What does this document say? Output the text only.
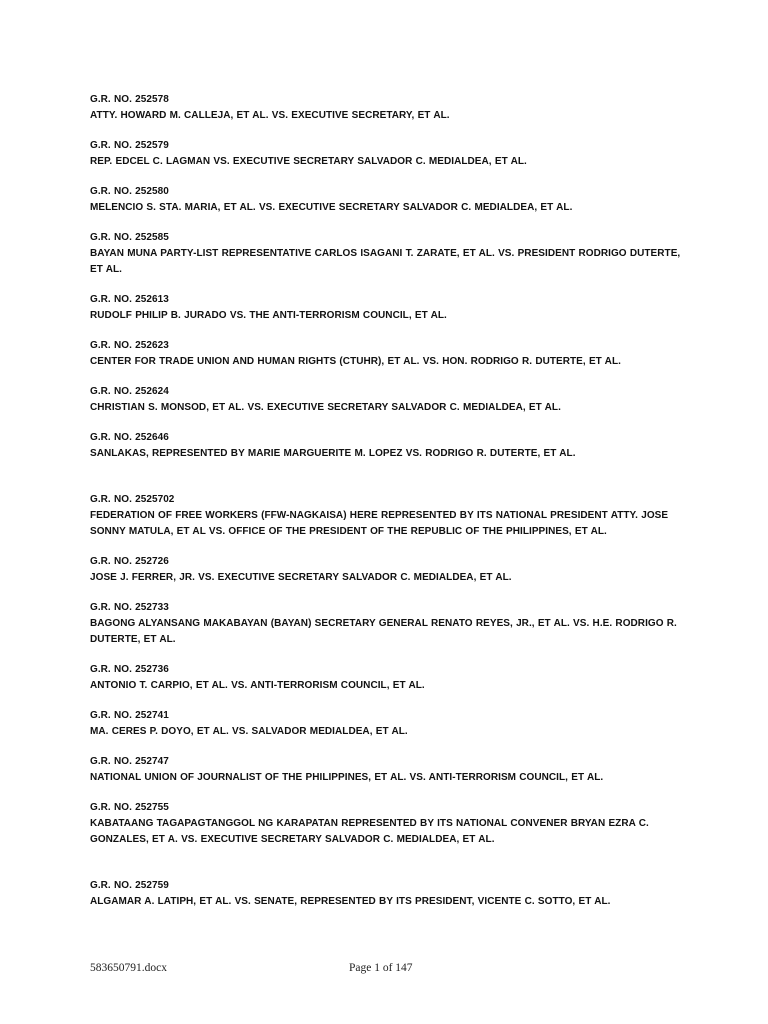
G.R. NO. 252578

ATTY. HOWARD M. CALLEJA, ET AL. VS. EXECUTIVE SECRETARY, ET AL.

G.R. NO. 252579

REP. EDCEL C. LAGMAN VS. EXECUTIVE SECRETARY SALVADOR C. MEDIALDEA, ET AL.

G.R. NO. 252580

MELENCIO S. STA. MARIA, ET AL. VS. EXECUTIVE SECRETARY SALVADOR C. MEDIALDEA, ET AL.

G.R. NO. 252585

BAYAN MUNA PARTY-LIST REPRESENTATIVE CARLOS ISAGANI T. ZARATE, ET AL. VS. PRESIDENT RODRIGO DUTERTE, ET AL.

G.R. NO. 252613

RUDOLF PHILIP B. JURADO VS. THE ANTI-TERRORISM COUNCIL, ET AL.

G.R. NO. 252623

CENTER FOR TRADE UNION AND HUMAN RIGHTS (CTUHR), ET AL. VS. HON. RODRIGO R. DUTERTE, ET AL.

G.R. NO. 252624

CHRISTIAN S. MONSOD, ET AL. VS. EXECUTIVE SECRETARY SALVADOR C. MEDIALDEA, ET AL.

G.R. NO. 252646

SANLAKAS, REPRESENTED BY MARIE MARGUERITE M. LOPEZ VS. RODRIGO R. DUTERTE, ET AL.

G.R. NO. 2525702

FEDERATION OF FREE WORKERS (FFW-NAGKAISA) HERE REPRESENTED BY ITS NATIONAL PRESIDENT ATTY. JOSE SONNY MATULA, ET AL VS. OFFICE OF THE PRESIDENT OF THE REPUBLIC OF THE PHILIPPINES, ET AL.

G.R. NO. 252726

JOSE J. FERRER, JR. VS. EXECUTIVE SECRETARY SALVADOR C. MEDIALDEA, ET AL.

G.R. NO. 252733

BAGONG ALYANSANG MAKABAYAN (BAYAN) SECRETARY GENERAL RENATO REYES, JR., ET AL. VS. H.E. RODRIGO R. DUTERTE, ET AL.

G.R. NO. 252736

ANTONIO T. CARPIO, ET AL. VS. ANTI-TERRORISM COUNCIL, ET AL.

G.R. NO. 252741

MA. CERES P. DOYO, ET AL. VS. SALVADOR MEDIALDEA, ET AL.

G.R. NO. 252747

NATIONAL UNION OF JOURNALIST OF THE PHILIPPINES, ET AL. VS. ANTI-TERRORISM COUNCIL, ET AL.

G.R. NO. 252755

KABATAANG TAGAPAGTANGGOL NG KARAPATAN REPRESENTED BY ITS NATIONAL CONVENER BRYAN EZRA C. GONZALES, ET A. VS. EXECUTIVE SECRETARY SALVADOR C. MEDIALDEA, ET AL.

G.R. NO. 252759

ALGAMAR A. LATIPH, ET AL. VS. SENATE, REPRESENTED BY ITS PRESIDENT, VICENTE C. SOTTO, ET AL.

583650791.docx	Page 1 of 147
